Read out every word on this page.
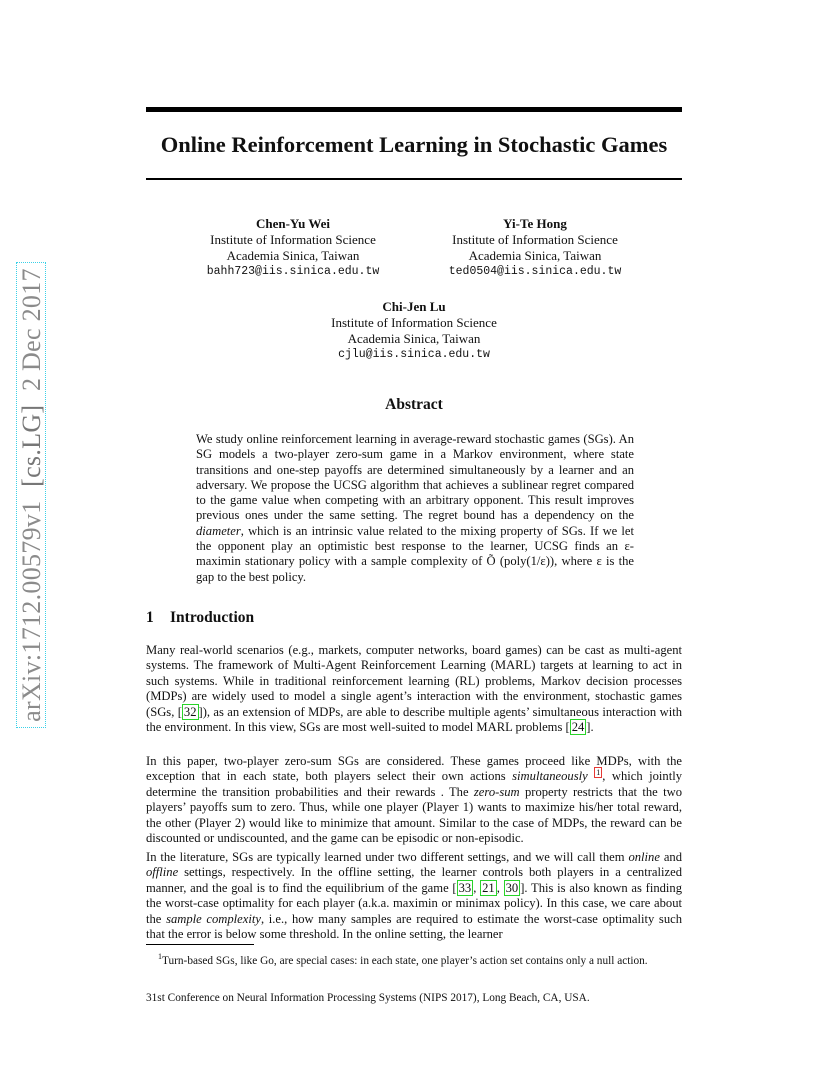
Online Reinforcement Learning in Stochastic Games
Chen-Yu Wei
Institute of Information Science
Academia Sinica, Taiwan
bahh723@iis.sinica.edu.tw
Yi-Te Hong
Institute of Information Science
Academia Sinica, Taiwan
ted0504@iis.sinica.edu.tw
Chi-Jen Lu
Institute of Information Science
Academia Sinica, Taiwan
cjlu@iis.sinica.edu.tw
arXiv:1712.00579v1  [cs.LG]  2 Dec 2017
Abstract
We study online reinforcement learning in average-reward stochastic games (SGs). An SG models a two-player zero-sum game in a Markov environment, where state transitions and one-step payoffs are determined simultaneously by a learner and an adversary. We propose the UCSG algorithm that achieves a sublinear regret compared to the game value when competing with an arbitrary opponent. This result improves previous ones under the same setting. The regret bound has a dependency on the diameter, which is an intrinsic value related to the mixing property of SGs. If we let the opponent play an optimistic best response to the learner, UCSG finds an ε-maximin stationary policy with a sample complexity of Õ (poly(1/ε)), where ε is the gap to the best policy.
1 Introduction
Many real-world scenarios (e.g., markets, computer networks, board games) can be cast as multi-agent systems. The framework of Multi-Agent Reinforcement Learning (MARL) targets at learning to act in such systems. While in traditional reinforcement learning (RL) problems, Markov decision processes (MDPs) are widely used to model a single agent’s interaction with the environment, stochastic games (SGs, [ 32 ]), as an extension of MDPs, are able to describe multiple agents’ simultaneous interaction with the environment. In this view, SGs are most well-suited to model MARL problems [ 24 ].
In this paper, two-player zero-sum SGs are considered. These games proceed like MDPs, with the exception that in each state, both players select their own actions simultaneously $^1$ , which jointly determine the transition probabilities and their rewards . The zero-sum property restricts that the two players’ payoffs sum to zero. Thus, while one player (Player 1) wants to maximize his/her total reward, the other (Player 2) would like to minimize that amount. Similar to the case of MDPs, the reward can be discounted or undiscounted, and the game can be episodic or non-episodic.
In the literature, SGs are typically learned under two different settings, and we will call them online and offline settings, respectively. In the offline setting, the learner controls both players in a centralized manner, and the goal is to find the equilibrium of the game [ 33 , 21 , 30 ]. This is also known as finding the worst-case optimality for each player (a.k.a. maximin or minimax policy). In this case, we care about the sample complexity, i.e., how many samples are required to estimate the worst-case optimality such that the error is below some threshold. In the online setting, the learner
$^1$Turn-based SGs, like Go, are special cases: in each state, one player’s action set contains only a null action.
31st Conference on Neural Information Processing Systems (NIPS 2017), Long Beach, CA, USA.
